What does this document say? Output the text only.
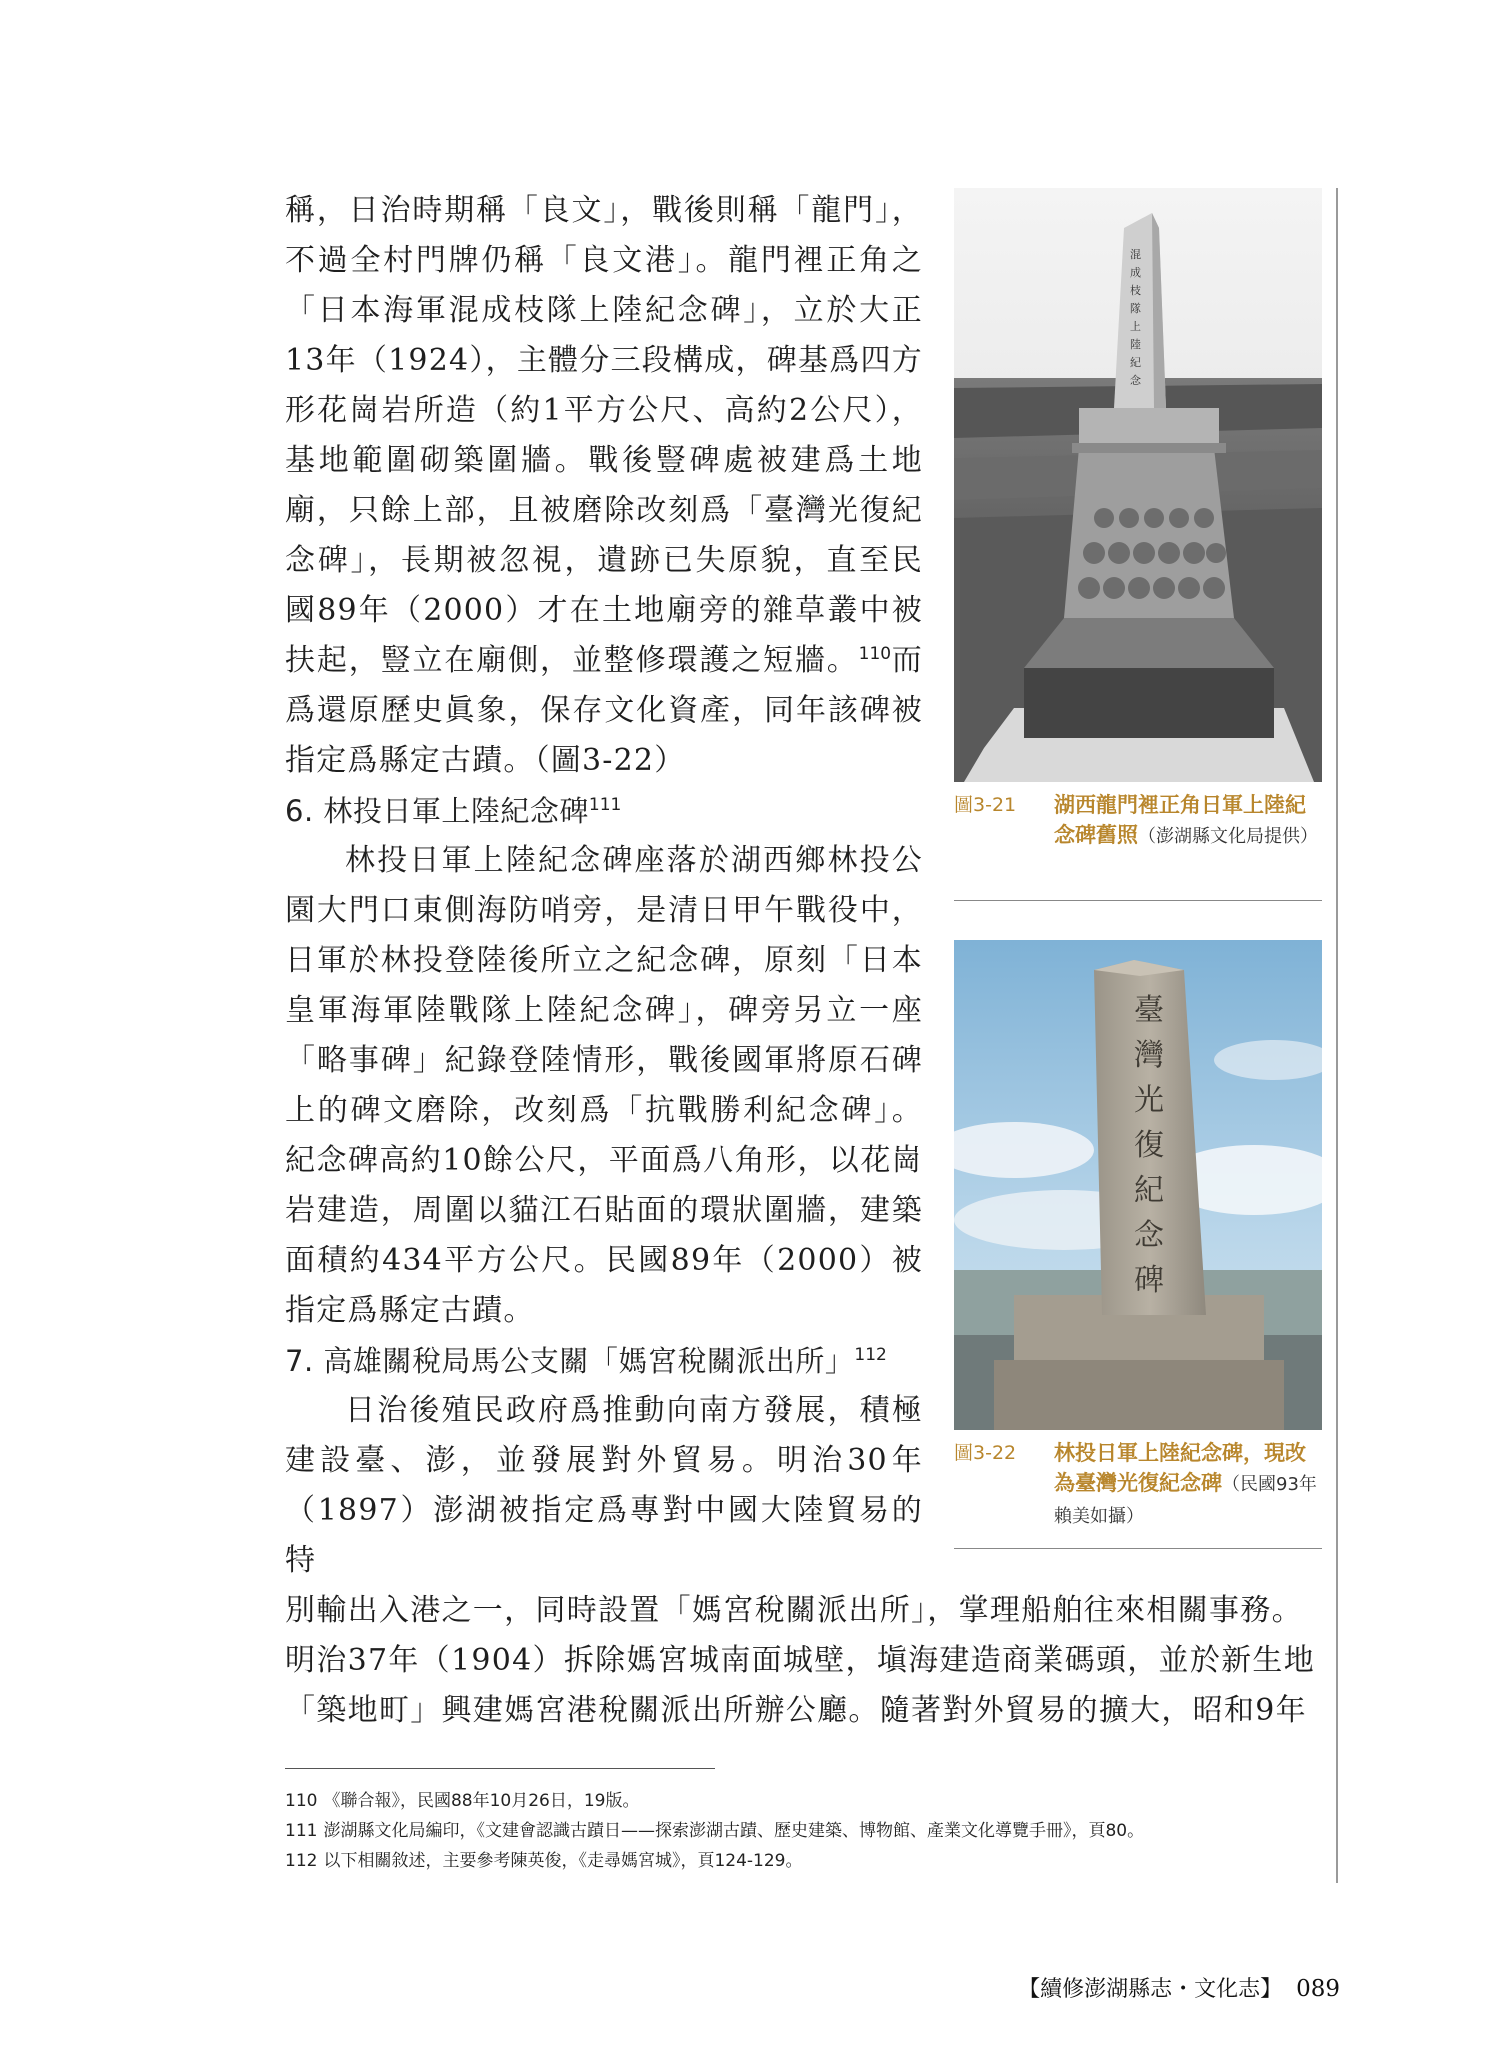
稱，日治時期稱「良文」，戰後則稱「龍門」，不過全村門牌仍稱「良文港」。龍門裡正角之「日本海軍混成枝隊上陸紀念碑」，立於大正13年（1924），主體分三段構成，碑基爲四方形花崗岩所造（約1平方公尺、高約2公尺），基地範圍砌築圍牆。戰後豎碑處被建爲土地廟，只餘上部，且被磨除改刻爲「臺灣光復紀念碑」，長期被忽視，遺跡已失原貌，直至民國89年（2000）才在土地廟旁的雜草叢中被扶起，豎立在廟側，並整修環護之短牆。$^{110}$而爲還原歷史眞象，保存文化資產，同年該碑被指定爲縣定古蹟。（圖3-22）

6. 林投日軍上陸紀念碑$^{111}$

林投日軍上陸紀念碑座落於湖西鄉林投公園大門口東側海防哨旁，是清日甲午戰役中，日軍於林投登陸後所立之紀念碑，原刻「日本皇軍海軍陸戰隊上陸紀念碑」，碑旁另立一座「略事碑」紀錄登陸情形，戰後國軍將原石碑上的碑文磨除，改刻爲「抗戰勝利紀念碑」。紀念碑高約10餘公尺，平面爲八角形，以花崗岩建造，周圍以貓江石貼面的環狀圍牆，建築面積約434平方公尺。民國89年（2000）被指定爲縣定古蹟。

7. 高雄關稅局馬公支關「媽宮稅關派出所」$^{112}$

日治後殖民政府爲推動向南方發展，積極建設臺、澎，並發展對外貿易。明治30年（1897）澎湖被指定爲專對中國大陸貿易的特

別輸出入港之一，同時設置「媽宮稅關派出所」，掌理船舶往來相關事務。

明治37年（1904）拆除媽宮城南面城壁，塡海建造商業碼頭，並於新生地

「築地町」興建媽宮港稅關派出所辦公廳。隨著對外貿易的擴大，昭和9年

混
成
枝
隊
上
陸
紀
念
圖3-21 湖西龍門裡正角日軍上陸紀念碑舊照（澎湖縣文化局提供）
臺
灣
光
復
紀
念
碑
圖3-22 林投日軍上陸紀念碑，現改為臺灣光復紀念碑（民國93年賴美如攝）

110 《聯合報》，民國88年10月26日，19版。

111 澎湖縣文化局編印，《文建會認識古蹟日——探索澎湖古蹟、歷史建築、博物館、產業文化導覽手冊》，頁80。

112 以下相關敘述，主要參考陳英俊，《走尋媽宮城》，頁124-129。

【續修澎湖縣志・文化志】 089
